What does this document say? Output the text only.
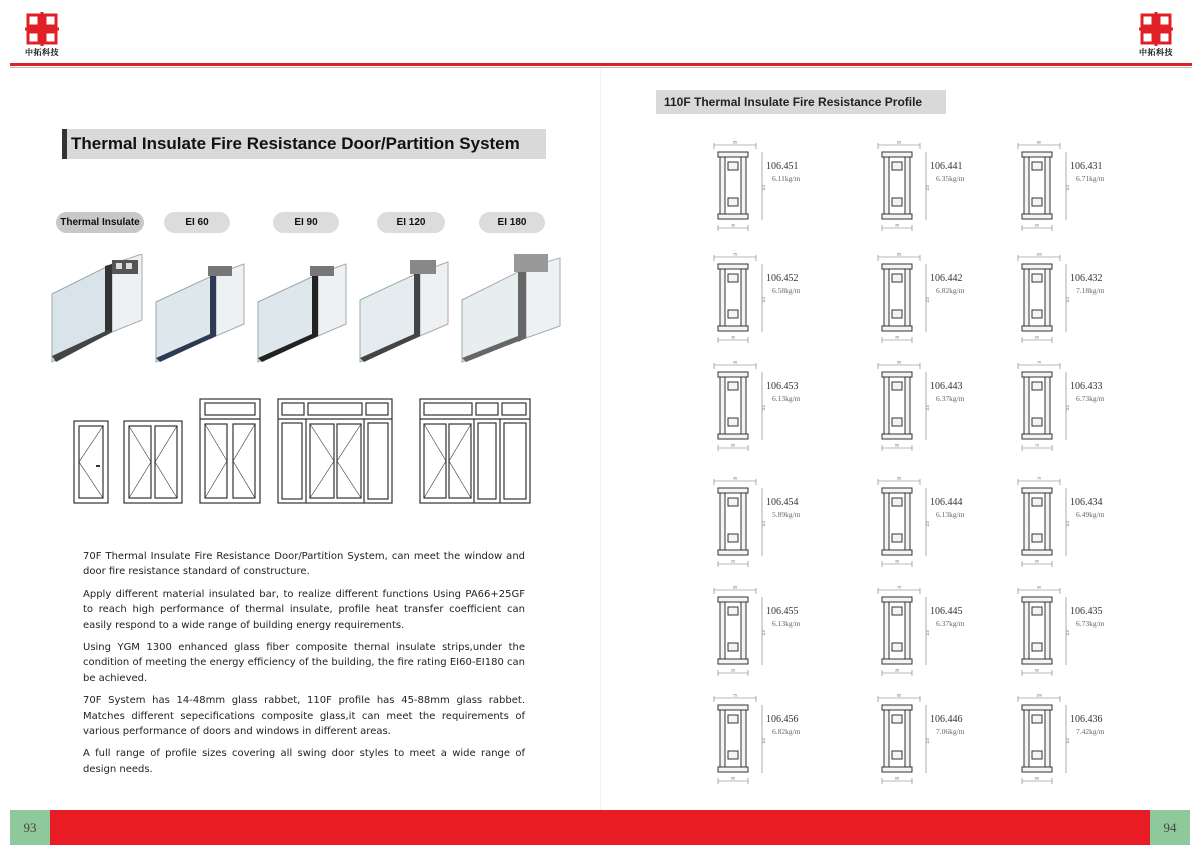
中拓科技	中拓科技
Thermal Insulate Fire Resistance Door/Partition System
Thermal Insulate	EI 60	EI 90	EI 120	EI 180

70F Thermal Insulate Fire Resistance Door/Partition System, can meet the window and door fire resistance standard of constructure.

Apply different material insulated bar, to realize different functions Using PA66+25GF to reach high performance of thermal insulate, profile heat transfer coefficient can easily respond to a wide range of building energy requirements.

Using YGM 1300 enhanced glass fiber composite thernal insulate strips,under the condition of meeting the energy efficiency of the building, the fire rating EI60-EI180 can be achieved.

70F System has 14-48mm glass rabbet, 110F profile has 45-88mm glass rabbet. Matches different sepecifications composite glass,it can meet the requirements of various performance of doors and windows in different areas.

A full range of profile sizes covering all swing door styles to meet a wide range of design needs.

110F Thermal Insulate Fire Resistance Profile
55
35
110
106.451
6.11kg/m
65
45
110
106.441
6.35kg/m
80
60
110
106.431
6.71kg/m
75
35
110
106.452
6.58kg/m
85
45
110
106.442
6.82kg/m
100
60
110
106.432
7.18kg/m
45
65
110
106.453
6.13kg/m
55
55
110
106.443
6.37kg/m
70
70
110
106.433
6.73kg/m
45
25
110
106.454
5.89kg/m
55
35
110
106.444
6.13kg/m
70
50
110
106.434
6.49kg/m
65
25
110
106.455
6.13kg/m
75
35
110
106.445
6.37kg/m
90
50
110
106.435
6.73kg/m
75
55
110
106.456
6.82kg/m
85
65
110
106.446
7.06kg/m
100
80
110
106.436
7.42kg/m
93	94
